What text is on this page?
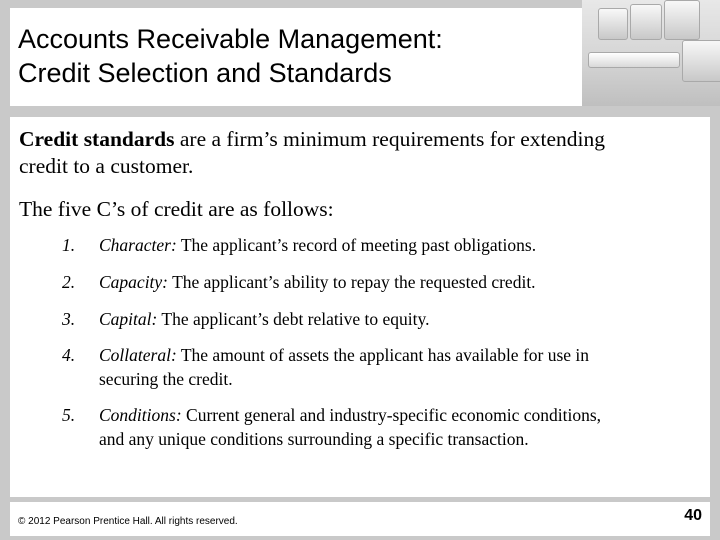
Accounts Receivable Management:
Credit Selection and Standards
Credit standards are a firm’s minimum requirements for extending
credit to a customer.
The five C’s of credit are as follows:
1. Character: The applicant’s record of meeting past obligations.
2. Capacity: The applicant’s ability to repay the requested credit.
3. Capital: The applicant’s debt relative to equity.
4. Collateral: The amount of assets the applicant has available for use in
securing the credit.
5. Conditions: Current general and industry-specific economic conditions,
and any unique conditions surrounding a specific transaction.
© 2012 Pearson Prentice Hall. All rights reserved.	40
